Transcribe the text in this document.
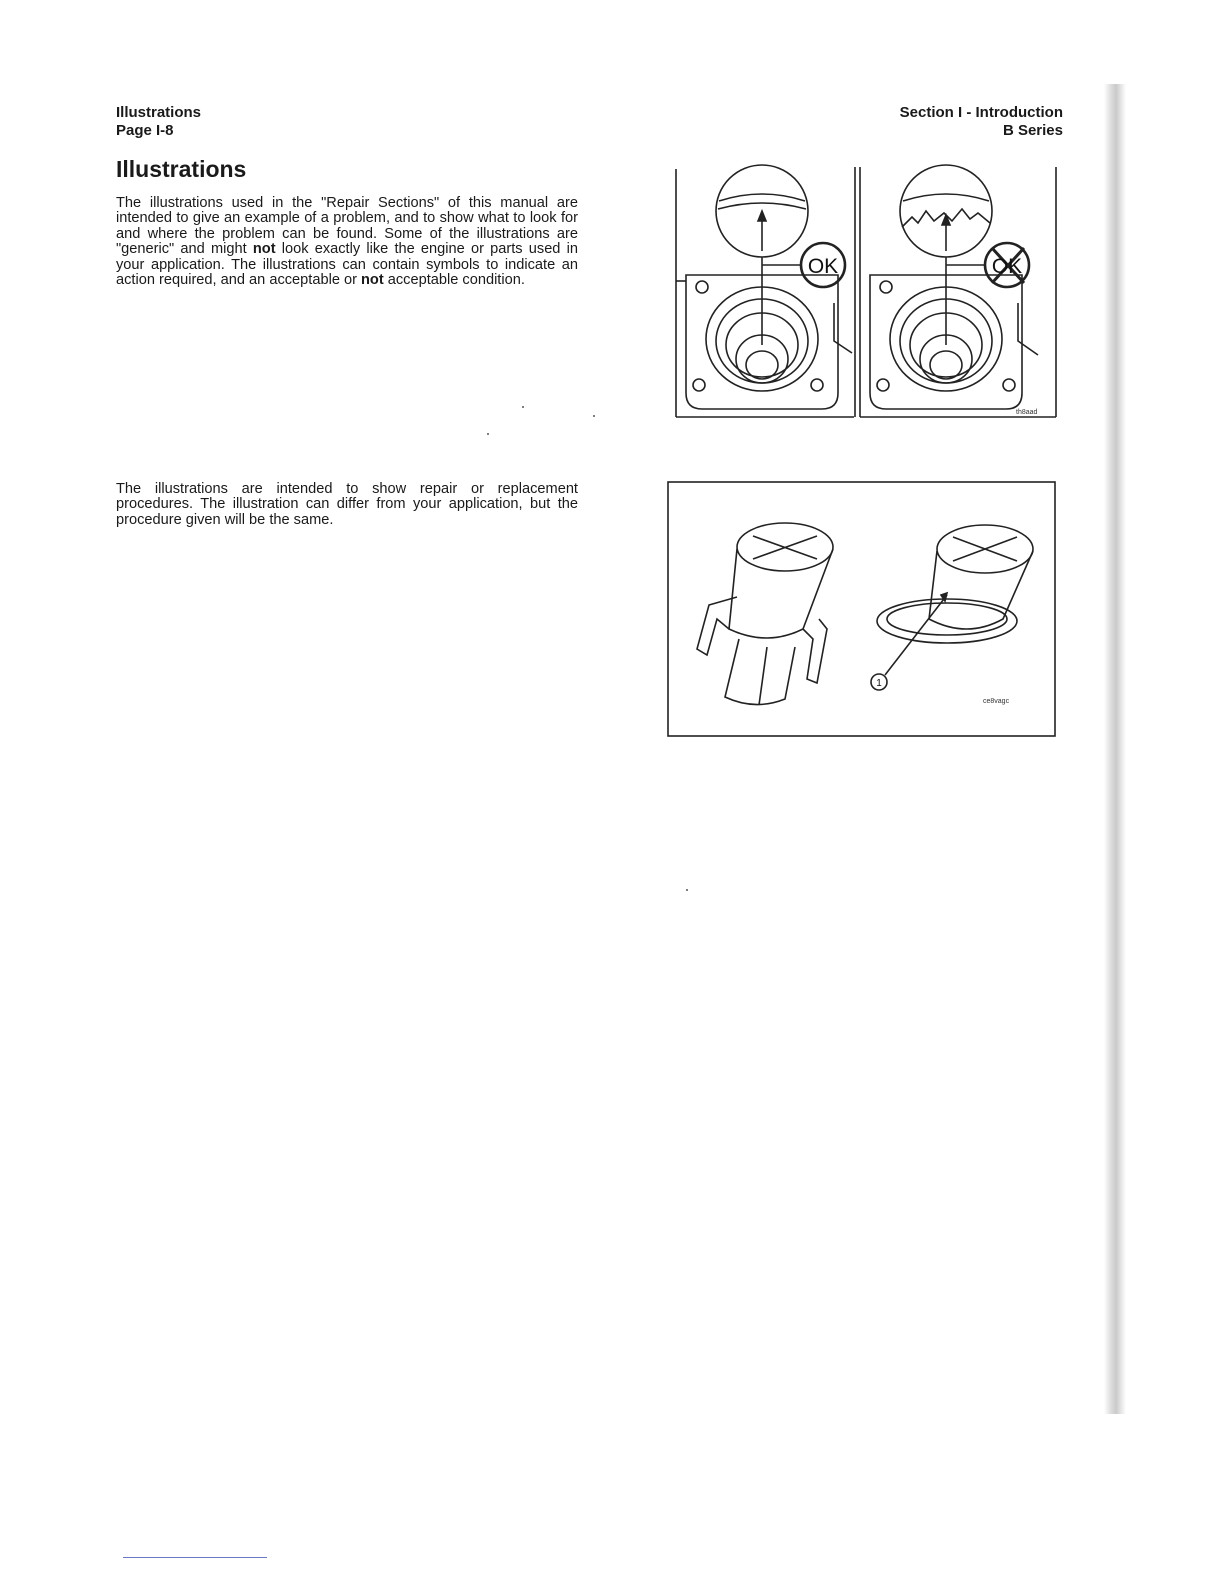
Illustrations
Page I-8
Section I - Introduction
B Series
Illustrations

The illustrations used in the "Repair Sections" of this manual are intended to give an example of a problem, and to show what to look for and where the problem can be found. Some of the illustrations are "generic" and might not look exactly like the engine or parts used in your application. The illustrations can contain symbols to indicate an action required, and an acceptable or not acceptable condition.

The illustrations are intended to show repair or replacement procedures. The illustration can differ from your application, but the procedure given will be the same.

OK	OK
th8aad
1
ce8vagc
